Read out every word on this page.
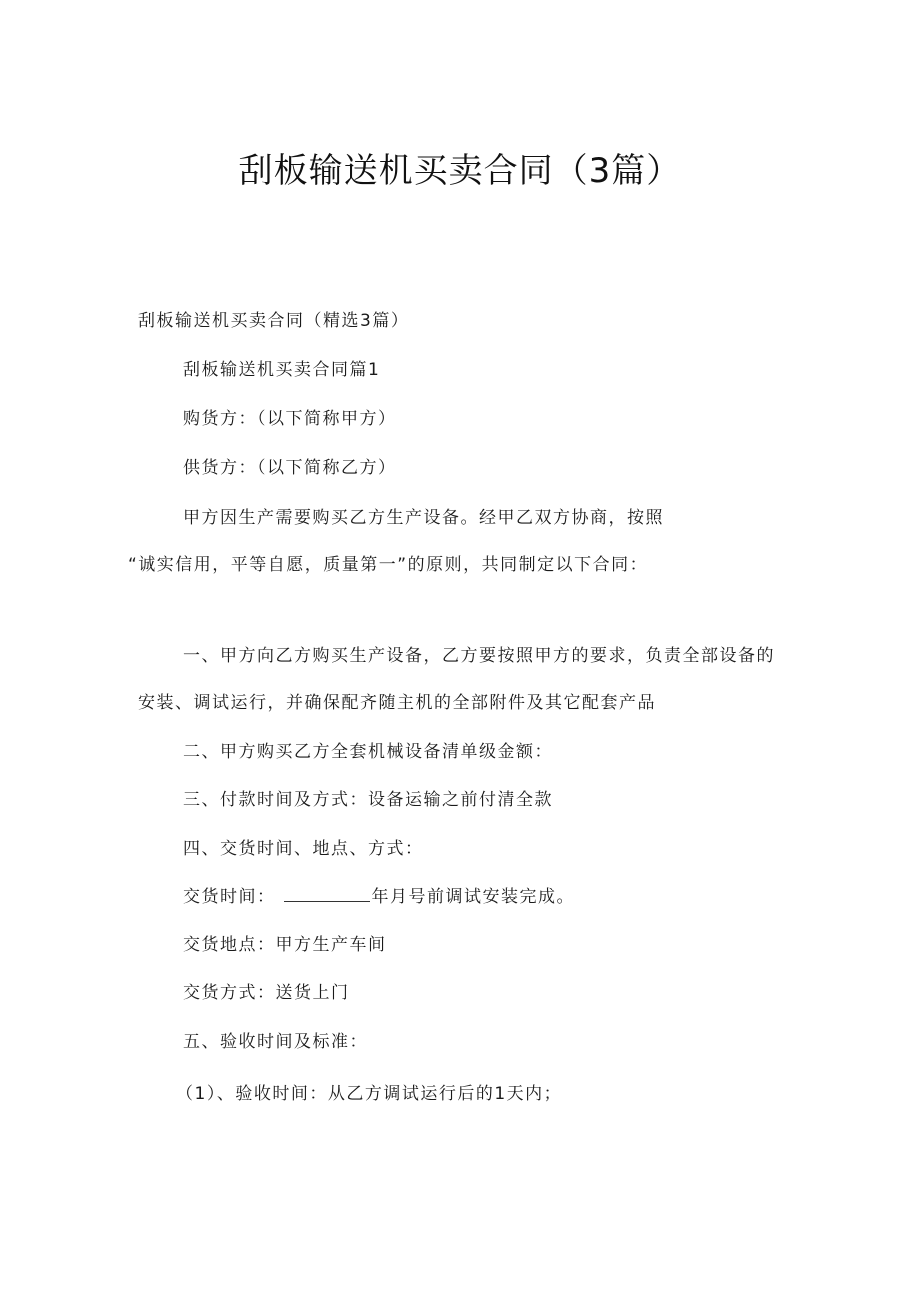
刮板输送机买卖合同（3篇）
刮板输送机买卖合同（精选3篇）
刮板输送机买卖合同篇1
购货方：（以下简称甲方）
供货方：（以下简称乙方）
甲方因生产需要购买乙方生产设备。经甲乙双方协商，按照
“诚实信用，平等自愿，质量第一”的原则，共同制定以下合同：
一、甲方向乙方购买生产设备，乙方要按照甲方的要求，负责全部设备的
安装、调试运行，并确保配齐随主机的全部附件及其它配套产品
二、甲方购买乙方全套机械设备清单级金额：
三、付款时间及方式：设备运输之前付清全款
四、交货时间、地点、方式：
交货时间：	年月号前调试安装完成。
交货地点：甲方生产车间
交货方式：送货上门
五、验收时间及标准：
（1）、验收时间：从乙方调试运行后的1天内；
